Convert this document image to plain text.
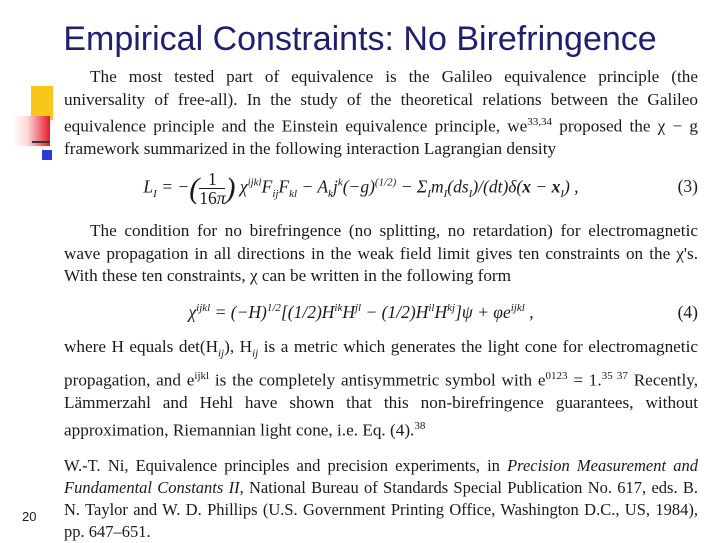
Empirical Constraints: No Birefringence

The most tested part of equivalence is the Galileo equivalence principle (the universality of free-all). In the study of the theoretical relations between the Galileo equivalence principle and the Einstein equivalence principle, we$^{33,34}$ proposed the χ − g framework summarized in the following interaction Lagrangian density

$L_I$ = −( $\frac{1}{16\pi}$ ) $\chi^{ijkl}F_{ij}F_{kl} - A_kj^k(-g)^{(1/2)} - \Sigma_Im_I(ds_I)/(dt)\delta(x - x_I)$ ,	(3)

The condition for no birefringence (no splitting, no retardation) for electromagnetic wave propagation in all directions in the weak field limit gives ten constraints on the χ's. With these ten constraints, χ can be written in the following form

$\chi^{ijkl} = (-H)^{1/2}[(1/2)H^{ik}H^{jl} - (1/2)H^{il}H^{kj}]\psi + \varphi e^{ijkl}$ ,	(4)

where H equals $\det(H_{ij})$, $H_{ij}$ is a metric which generates the light cone for electromagnetic propagation, and $e^{ijkl}$ is the completely antisymmetric symbol with $e^{0123} = 1.^{35 37}$ Recently, Lämmerzahl and Hehl have shown that this non-birefringence guarantees, without approximation, Riemannian light cone, i.e. Eq. (4).$^{38}$

W.-T. Ni, Equivalence principles and precision experiments, in Precision Measurement and Fundamental Constants II, National Bureau of Standards Special Publication No. 617, eds. B. N. Taylor and W. D. Phillips (U.S. Government Printing Office, Washington D.C., US, 1984), pp. 647–651.

20
